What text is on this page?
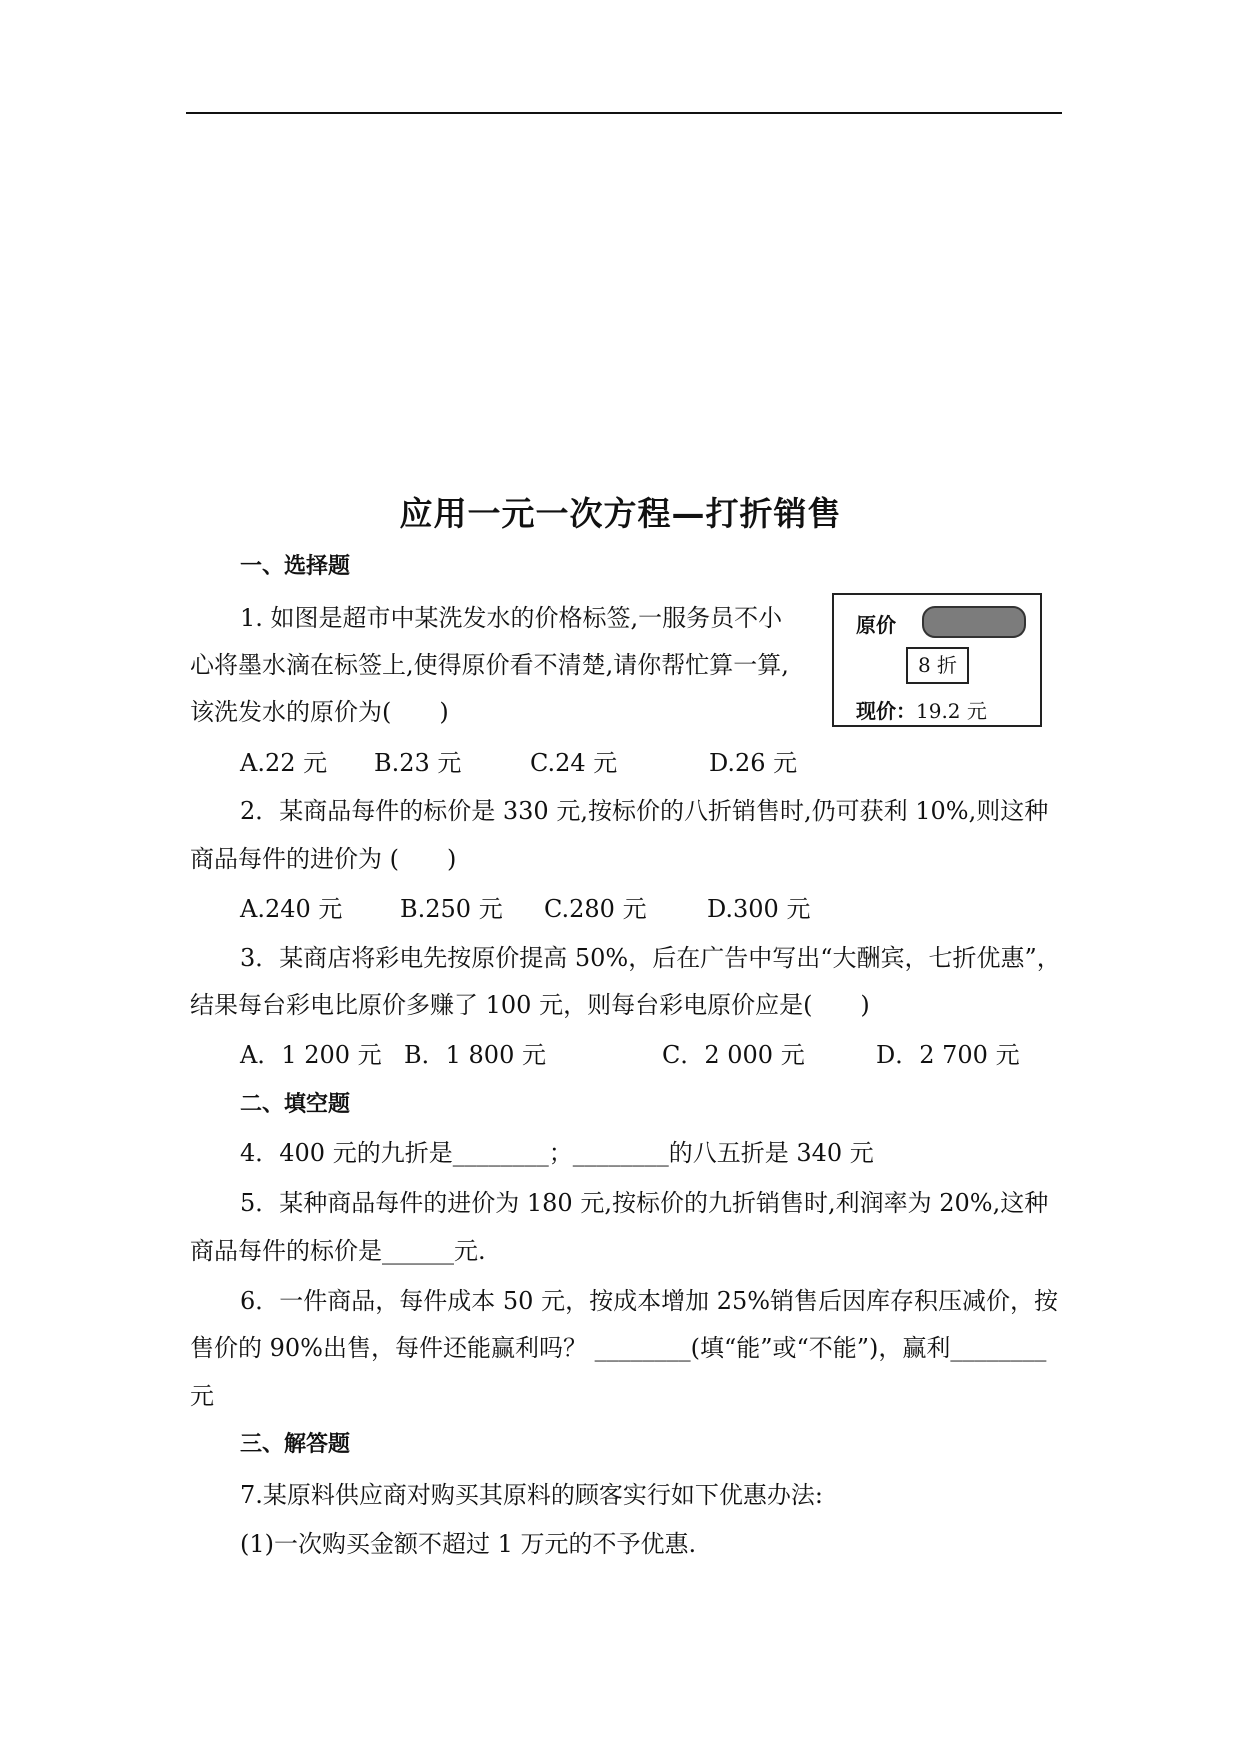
应用一元一次方程—打折销售
一、选择题
1. 如图是超市中某洗发水的价格标签,一服务员不小
心将墨水滴在标签上,使得原价看不清楚,请你帮忙算一算,
该洗发水的原价为(　　)
原价
8 折
现价：19.2 元
A.22 元 B.23 元	C.24 元	D.26 元
2．某商品每件的标价是 330 元,按标价的八折销售时,仍可获利 10%,则这种
商品每件的进价为 (　　)
A.240 元 B.250 元 C.280 元	D.300 元
3．某商店将彩电先按原价提高 50%，后在广告中写出“大酬宾，七折优惠”，
结果每台彩电比原价多赚了 100 元，则每台彩电原价应是(　　)
A．1 200 元 B．1 800 元	C．2 000 元	D．2 700 元
二、填空题
4．400 元的九折是________；________的八五折是 340 元
5．某种商品每件的进价为 180 元,按标价的九折销售时,利润率为 20%,这种
商品每件的标价是______元.
6．一件商品，每件成本 50 元，按成本增加 25%销售后因库存积压减价，按
售价的 90%出售，每件还能赢利吗？ ________(填“能”或“不能”)，赢利________
元
三、解答题
7.某原料供应商对购买其原料的顾客实行如下优惠办法:
(1)一次购买金额不超过 1 万元的不予优惠.
